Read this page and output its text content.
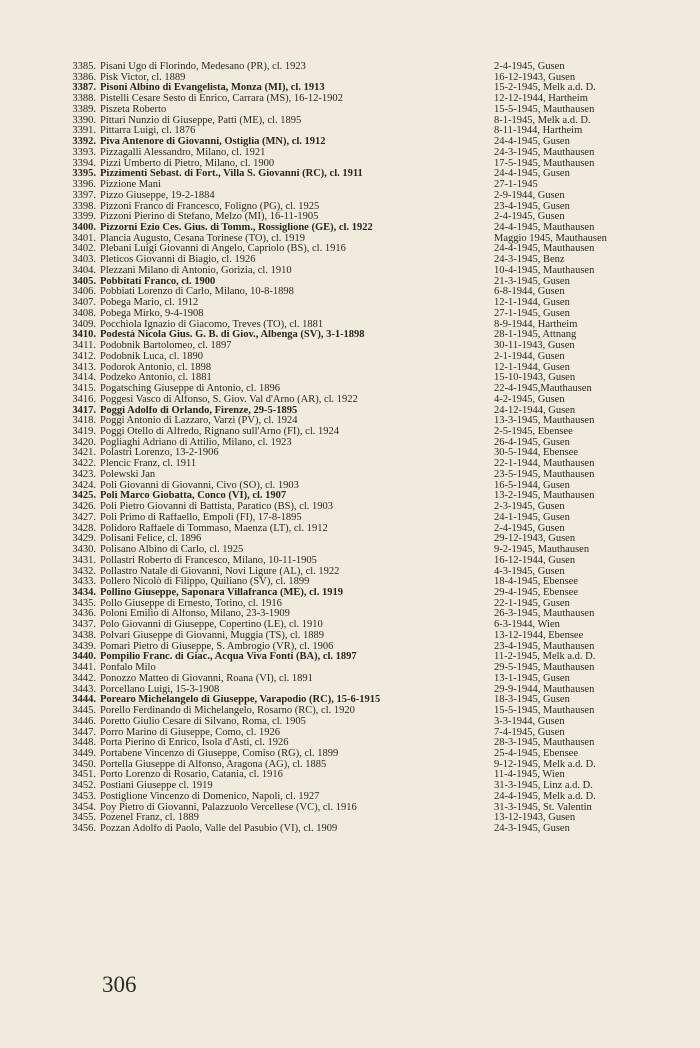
3385. Pisani Ugo di Florindo, Medesano (PR), cl. 1923	2-4-1945, Gusen
3386. Pisk Victor, cl. 1889	16-12-1943, Gusen
3387. Pisoni Albino di Evangelista, Monza (MI), cl. 1913	15-2-1945, Melk a.d. D.
3388. Pistelli Cesare Sesto di Enrico, Carrara (MS), 16-12-1902	12-12-1944, Hartheim
3389. Piszeta Roberto	15-5-1945, Mauthausen
3390. Pittari Nunzio di Giuseppe, Patti (ME), cl. 1895	8-1-1945, Melk a.d. D.
3391. Pittarra Luigi, cl. 1876	8-11-1944, Hartheim
3392. Piva Antenore di Giovanni, Ostiglia (MN), cl. 1912	24-4-1945, Gusen
3393. Pizzagalli Alessandro, Milano, cl. 1921	24-3-1945, Mauthausen
3394. Pizzi Umberto di Pietro, Milano, cl. 1900	17-5-1945, Mauthausen
3395. Pizzimenti Sebast. di Fort., Villa S. Giovanni (RC), cl. 1911	24-4-1945, Gusen
3396. Pizzione Mani	27-1-1945
3397. Pizzo Giuseppe, 19-2-1884	2-9-1944, Gusen
3398. Pizzoni Franco di Francesco, Foligno (PG), cl. 1925	23-4-1945, Gusen
3399. Pizzoni Pierino di Stefano, Melzo (MI), 16-11-1905	2-4-1945, Gusen
3400. Pizzorni Ezio Ces. Gius. di Tomm., Rossiglione (GE), cl. 1922	24-4-1945, Mauthausen
3401. Plancia Augusto, Cesana Torinese (TO), cl. 1919	Maggio 1945, Mauthausen
3402. Plebani Luigi Giovanni di Angelo, Capriolo (BS), cl. 1916	24-4-1945, Mauthausen
3403. Pleticos Giovanni di Biagio, cl. 1926	24-3-1945, Benz
3404. Plezzani Milano di Antonio, Gorizia, cl. 1910	10-4-1945, Mauthausen
3405. Pobbitati Franco, cl. 1900	21-3-1945, Gusen
3406. Pobbiati Lorenzo di Carlo, Milano, 10-8-1898	6-8-1944, Gusen
3407. Pobega Mario, cl. 1912	12-1-1944, Gusen
3408. Pobega Mirko, 9-4-1908	27-1-1945, Gusen
3409. Pocchiola Ignazio di Giacomo, Treves (TO), cl. 1881	8-9-1944, Hartheim
3410. Podestà Nicola Gius. G. B. di Giov., Albenga (SV), 3-1-1898	28-1-1945, Attnang
3411. Podobnik Bartolomeo, cl. 1897	30-11-1943, Gusen
3412. Podobnik Luca, cl. 1890	2-1-1944, Gusen
3413. Podorok Antonio, cl. 1898	12-1-1944, Gusen
3414. Podzeko Antonio, cl. 1881	15-10-1943, Gusen
3415. Pogatsching Giuseppe di Antonio, cl. 1896	22-4-1945,Mauthausen
3416. Poggesi Vasco di Alfonso, S. Giov. Val d'Arno (AR), cl. 1922	4-2-1945, Gusen
3417. Poggi Adolfo di Orlando, Firenze, 29-5-1895	24-12-1944, Gusen
3418. Poggi Antonio di Lazzaro, Varzi (PV), cl. 1924	13-3-1945, Mauthausen
3419. Poggi Otello di Alfredo, Rignano sull'Arno (FI), cl. 1924	2-5-1945, Ebensee
3420. Pogliaghi Adriano di Attilio, Milano, cl. 1923	26-4-1945, Gusen
3421. Polastri Lorenzo, 13-2-1906	30-5-1944, Ebensee
3422. Plencic Franz, cl. 1911	22-1-1944, Mauthausen
3423. Polewski Jan	23-5-1945, Mauthausen
3424. Poli Giovanni di Giovanni, Civo (SO), cl. 1903	16-5-1944, Gusen
3425. Poli Marco Giobatta, Conco (VI), cl. 1907	13-2-1945, Mauthausen
3426. Poli Pietro Giovanni di Battista, Paratico (BS), cl. 1903	2-3-1945, Gusen
3427. Poli Primo di Raffaello, Empoli (FI), 17-8-1895	24-1-1945, Gusen
3428. Polidoro Raffaele di Tommaso, Maenza (LT), cl. 1912	2-4-1945, Gusen
3429. Polisani Felice, cl. 1896	29-12-1943, Gusen
3430. Polisano Albino di Carlo, cl. 1925	9-2-1945, Mauthausen
3431. Pollastri Roberto di Francesco, Milano, 10-11-1905	16-12-1944, Gusen
3432. Pollastro Natale di Giovanni, Novi Ligure (AL), cl. 1922	4-3-1945, Gusen
3433. Pollero Nicolò di Filippo, Quiliano (SV), cl. 1899	18-4-1945, Ebensee
3434. Pollino Giuseppe, Saponara Villafranca (ME), cl. 1919	29-4-1945, Ebensee
3435. Pollo Giuseppe di Ernesto, Torino, cl. 1916	22-1-1945, Gusen
3436. Poloni Emilio di Alfonso, Milano, 23-3-1909	26-3-1945, Mauthausen
3437. Polo Giovanni di Giuseppe, Copertino (LE), cl. 1910	6-3-1944, Wien
3438. Polvari Giuseppe di Giovanni, Muggia (TS), cl. 1889	13-12-1944, Ebensee
3439. Pomari Pietro di Giuseppe, S. Ambrogio (VR), cl. 1906	23-4-1945, Mauthausen
3440. Pompilio Franc. di Giac., Acqua Viva Fonti (BA), cl. 1897	11-2-1945, Melk a.d. D.
3441. Ponfalo Milo	29-5-1945, Mauthausen
3442. Ponozzo Matteo di Giovanni, Roana (VI), cl. 1891	13-1-1945, Gusen
3443. Porcellano Luigi, 15-3-1908	29-9-1944, Mauthausen
3444. Porearo Michelangelo di Giuseppe, Varapodio (RC), 15-6-1915	18-3-1945, Gusen
3445. Porello Ferdinando di Michelangelo, Rosarno (RC), cl. 1920	15-5-1945, Mauthausen
3446. Poretto Giulio Cesare di Silvano, Roma, cl. 1905	3-3-1944, Gusen
3447. Porro Marino di Giuseppe, Como, cl. 1926	7-4-1945, Gusen
3448. Porta Pierino di Enrico, Isola d'Asti, cl. 1926	28-3-1945, Mauthausen
3449. Portabene Vincenzo di Giuseppe, Comiso (RG), cl. 1899	25-4-1945, Ebensee
3450. Portella Giuseppe di Alfonso, Aragona (AG), cl. 1885	9-12-1945, Melk a.d. D.
3451. Porto Lorenzo di Rosario, Catania, cl. 1916	11-4-1945, Wien
3452. Postiani Giuseppe cl. 1919	31-3-1945, Linz a.d. D.
3453. Postiglione Vincenzo di Domenico, Napoli, cl. 1927	24-4-1945, Melk a.d. D.
3454. Poy Pietro di Giovanni, Palazzuolo Vercellese (VC), cl. 1916	31-3-1945, St. Valentin
3455. Pozenel Franz, cl. 1889	13-12-1943, Gusen
3456. Pozzan Adolfo di Paolo, Valle del Pasubio (VI), cl. 1909	24-3-1945, Gusen
306
